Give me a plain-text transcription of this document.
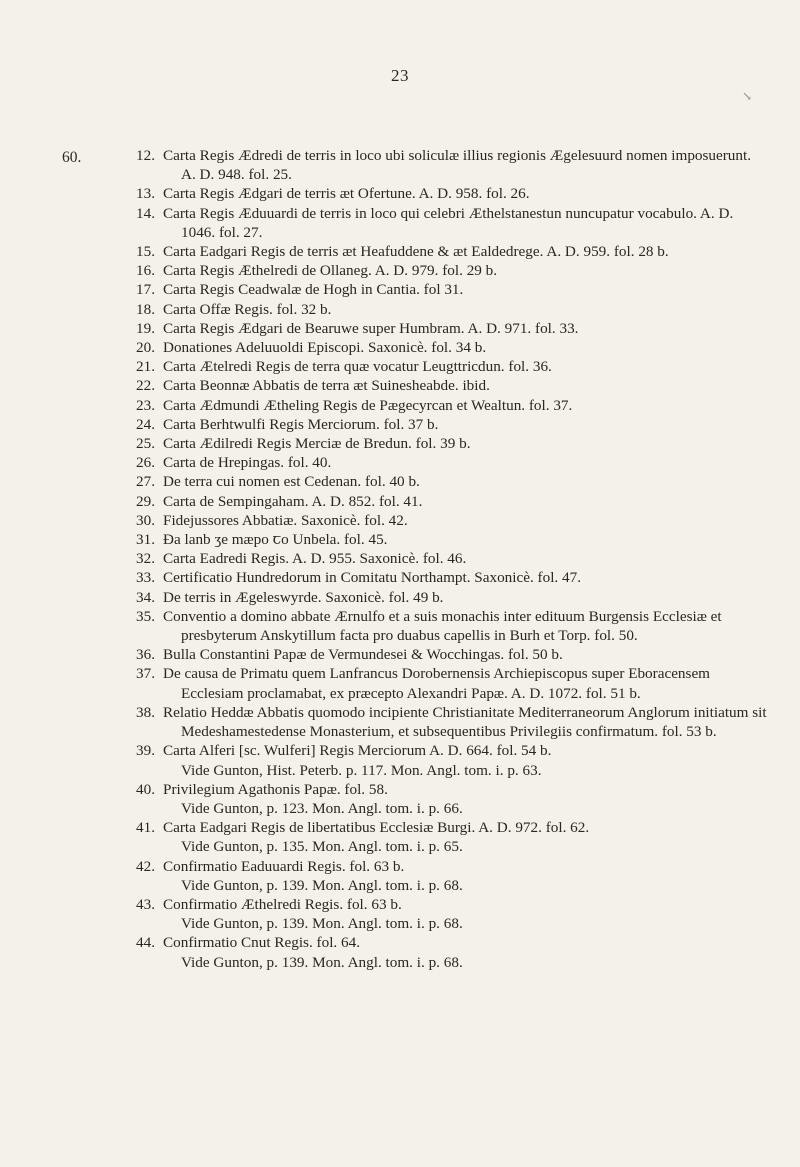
↘
23
60.	12. Carta Regis Ædredi de terris in loco ubi soliculæ illius regionis Ægelesuurd nomen imposuerunt. A. D. 948. fol. 25.
13. Carta Regis Ædgari de terris æt Ofertune. A. D. 958. fol. 26.
14. Carta Regis Æduuardi de terris in loco qui celebri Æthelstanestun nuncupatur vocabulo. A. D. 1046. fol. 27.
15. Carta Eadgari Regis de terris æt Heafuddene & æt Ealdedrege. A. D. 959. fol. 28 b.
16. Carta Regis Æthelredi de Ollaneg. A. D. 979. fol. 29 b.
17. Carta Regis Ceadwalæ de Hogh in Cantia. fol 31.
18. Carta Offæ Regis. fol. 32 b.
19. Carta Regis Ædgari de Bearuwe super Humbram. A. D. 971. fol. 33.
20. Donationes Adeluuoldi Episcopi. Saxonicè. fol. 34 b.
21. Carta Ætelredi Regis de terra quæ vocatur Leugttricdun. fol. 36.
22. Carta Beonnæ Abbatis de terra æt Suinesheabde. ibid.
23. Carta Ædmundi Ætheling Regis de Pægecyrcan et Wealtun. fol. 37.
24. Carta Berhtwulfi Regis Merciorum. fol. 37 b.
25. Carta Ædilredi Regis Merciæ de Bredun. fol. 39 b.
26. Carta de Hrepingas. fol. 40.
27. De terra cui nomen est Cedenan. fol. 40 b.
29. Carta de Sempingaham. A. D. 852. fol. 41.
30. Fidejussores Abbatiæ. Saxonicè. fol. 42.
31. Ða lanb ʒe mæpo ꞇo Unbela. fol. 45.
32. Carta Eadredi Regis. A. D. 955. Saxonicè. fol. 46.
33. Certificatio Hundredorum in Comitatu Northampt. Saxonicè. fol. 47.
34. De terris in Ægeleswyrde. Saxonicè. fol. 49 b.
35. Conventio a domino abbate Ærnulfo et a suis monachis inter edituum Burgensis Ecclesiæ et presbyterum Anskytillum facta pro duabus capellis in Burh et Torp. fol. 50.
36. Bulla Constantini Papæ de Vermundesei & Wocchingas. fol. 50 b.
37. De causa de Primatu quem Lanfrancus Dorobernensis Archiepiscopus super Eboracensem Ecclesiam proclamabat, ex præcepto Alexandri Papæ. A. D. 1072. fol. 51 b.
38. Relatio Heddæ Abbatis quomodo incipiente Christianitate Mediterraneorum Anglorum initiatum sit Medeshamestedense Monasterium, et subsequentibus Privilegiis confirmatum. fol. 53 b.
39. Carta Alferi [sc. Wulferi] Regis Merciorum A. D. 664. fol. 54 b.
Vide Gunton, Hist. Peterb. p. 117. Mon. Angl. tom. i. p. 63.
40. Privilegium Agathonis Papæ. fol. 58.
Vide Gunton, p. 123. Mon. Angl. tom. i. p. 66.
41. Carta Eadgari Regis de libertatibus Ecclesiæ Burgi. A. D. 972. fol. 62.
Vide Gunton, p. 135. Mon. Angl. tom. i. p. 65.
42. Confirmatio Eaduuardi Regis. fol. 63 b.
Vide Gunton, p. 139. Mon. Angl. tom. i. p. 68.
43. Confirmatio Æthelredi Regis. fol. 63 b.
Vide Gunton, p. 139. Mon. Angl. tom. i. p. 68.
44. Confirmatio Cnut Regis. fol. 64.
Vide Gunton, p. 139. Mon. Angl. tom. i. p. 68.
